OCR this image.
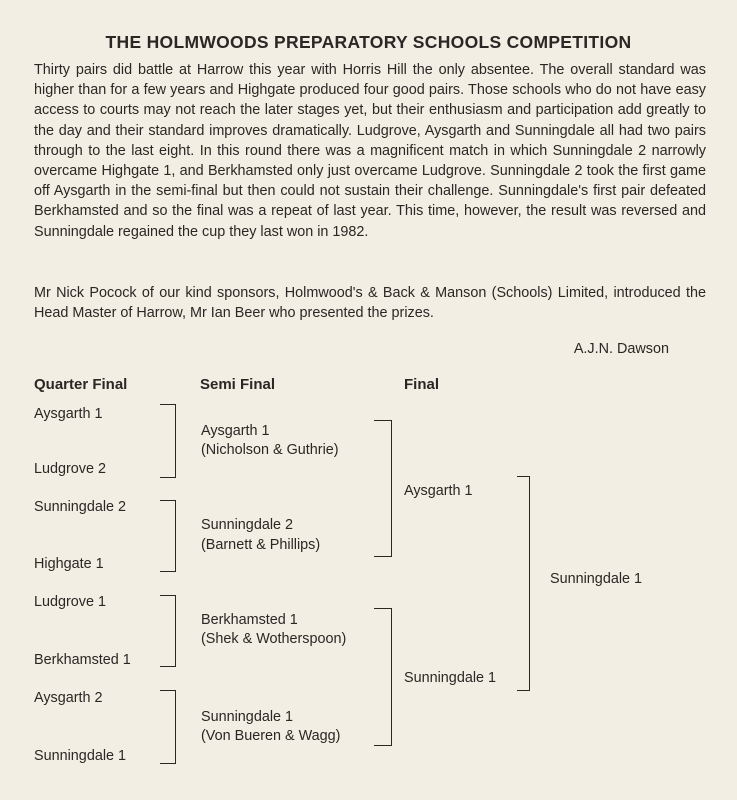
THE HOLMWOODS PREPARATORY SCHOOLS COMPETITION

Thirty pairs did battle at Harrow this year with Horris Hill the only absentee. The overall standard was higher than for a few years and Highgate produced four good pairs. Those schools who do not have easy access to courts may not reach the later stages yet, but their enthusiasm and participation add greatly to the day and their standard improves dramatically. Ludgrove, Aysgarth and Sunningdale all had two pairs through to the last eight. In this round there was a magnificent match in which Sunningdale 2 narrowly overcame Highgate 1, and Berkhamsted only just overcame Ludgrove. Sunningdale 2 took the first game off Aysgarth in the semi-final but then could not sustain their challenge. Sunningdale's first pair defeated Berkhamsted and so the final was a repeat of last year. This time, however, the result was reversed and Sunningdale regained the cup they last won in 1982.

Mr Nick Pocock of our kind sponsors, Holmwood's & Back & Manson (Schools) Limited, introduced the Head Master of Harrow, Mr Ian Beer who presented the prizes.

A.J.N. Dawson
Quarter Final	Semi Final	Final
Aysgarth 1
Ludgrove 2
Sunningdale 2
Highgate 1
Ludgrove 1
Berkhamsted 1
Aysgarth 2
Sunningdale 1
Aysgarth 1
(Nicholson & Guthrie)
Sunningdale 2
(Barnett & Phillips)
Berkhamsted 1
(Shek & Wotherspoon)
Sunningdale 1
(Von Bueren & Wagg)
Aysgarth 1
Sunningdale 1
Sunningdale 1
